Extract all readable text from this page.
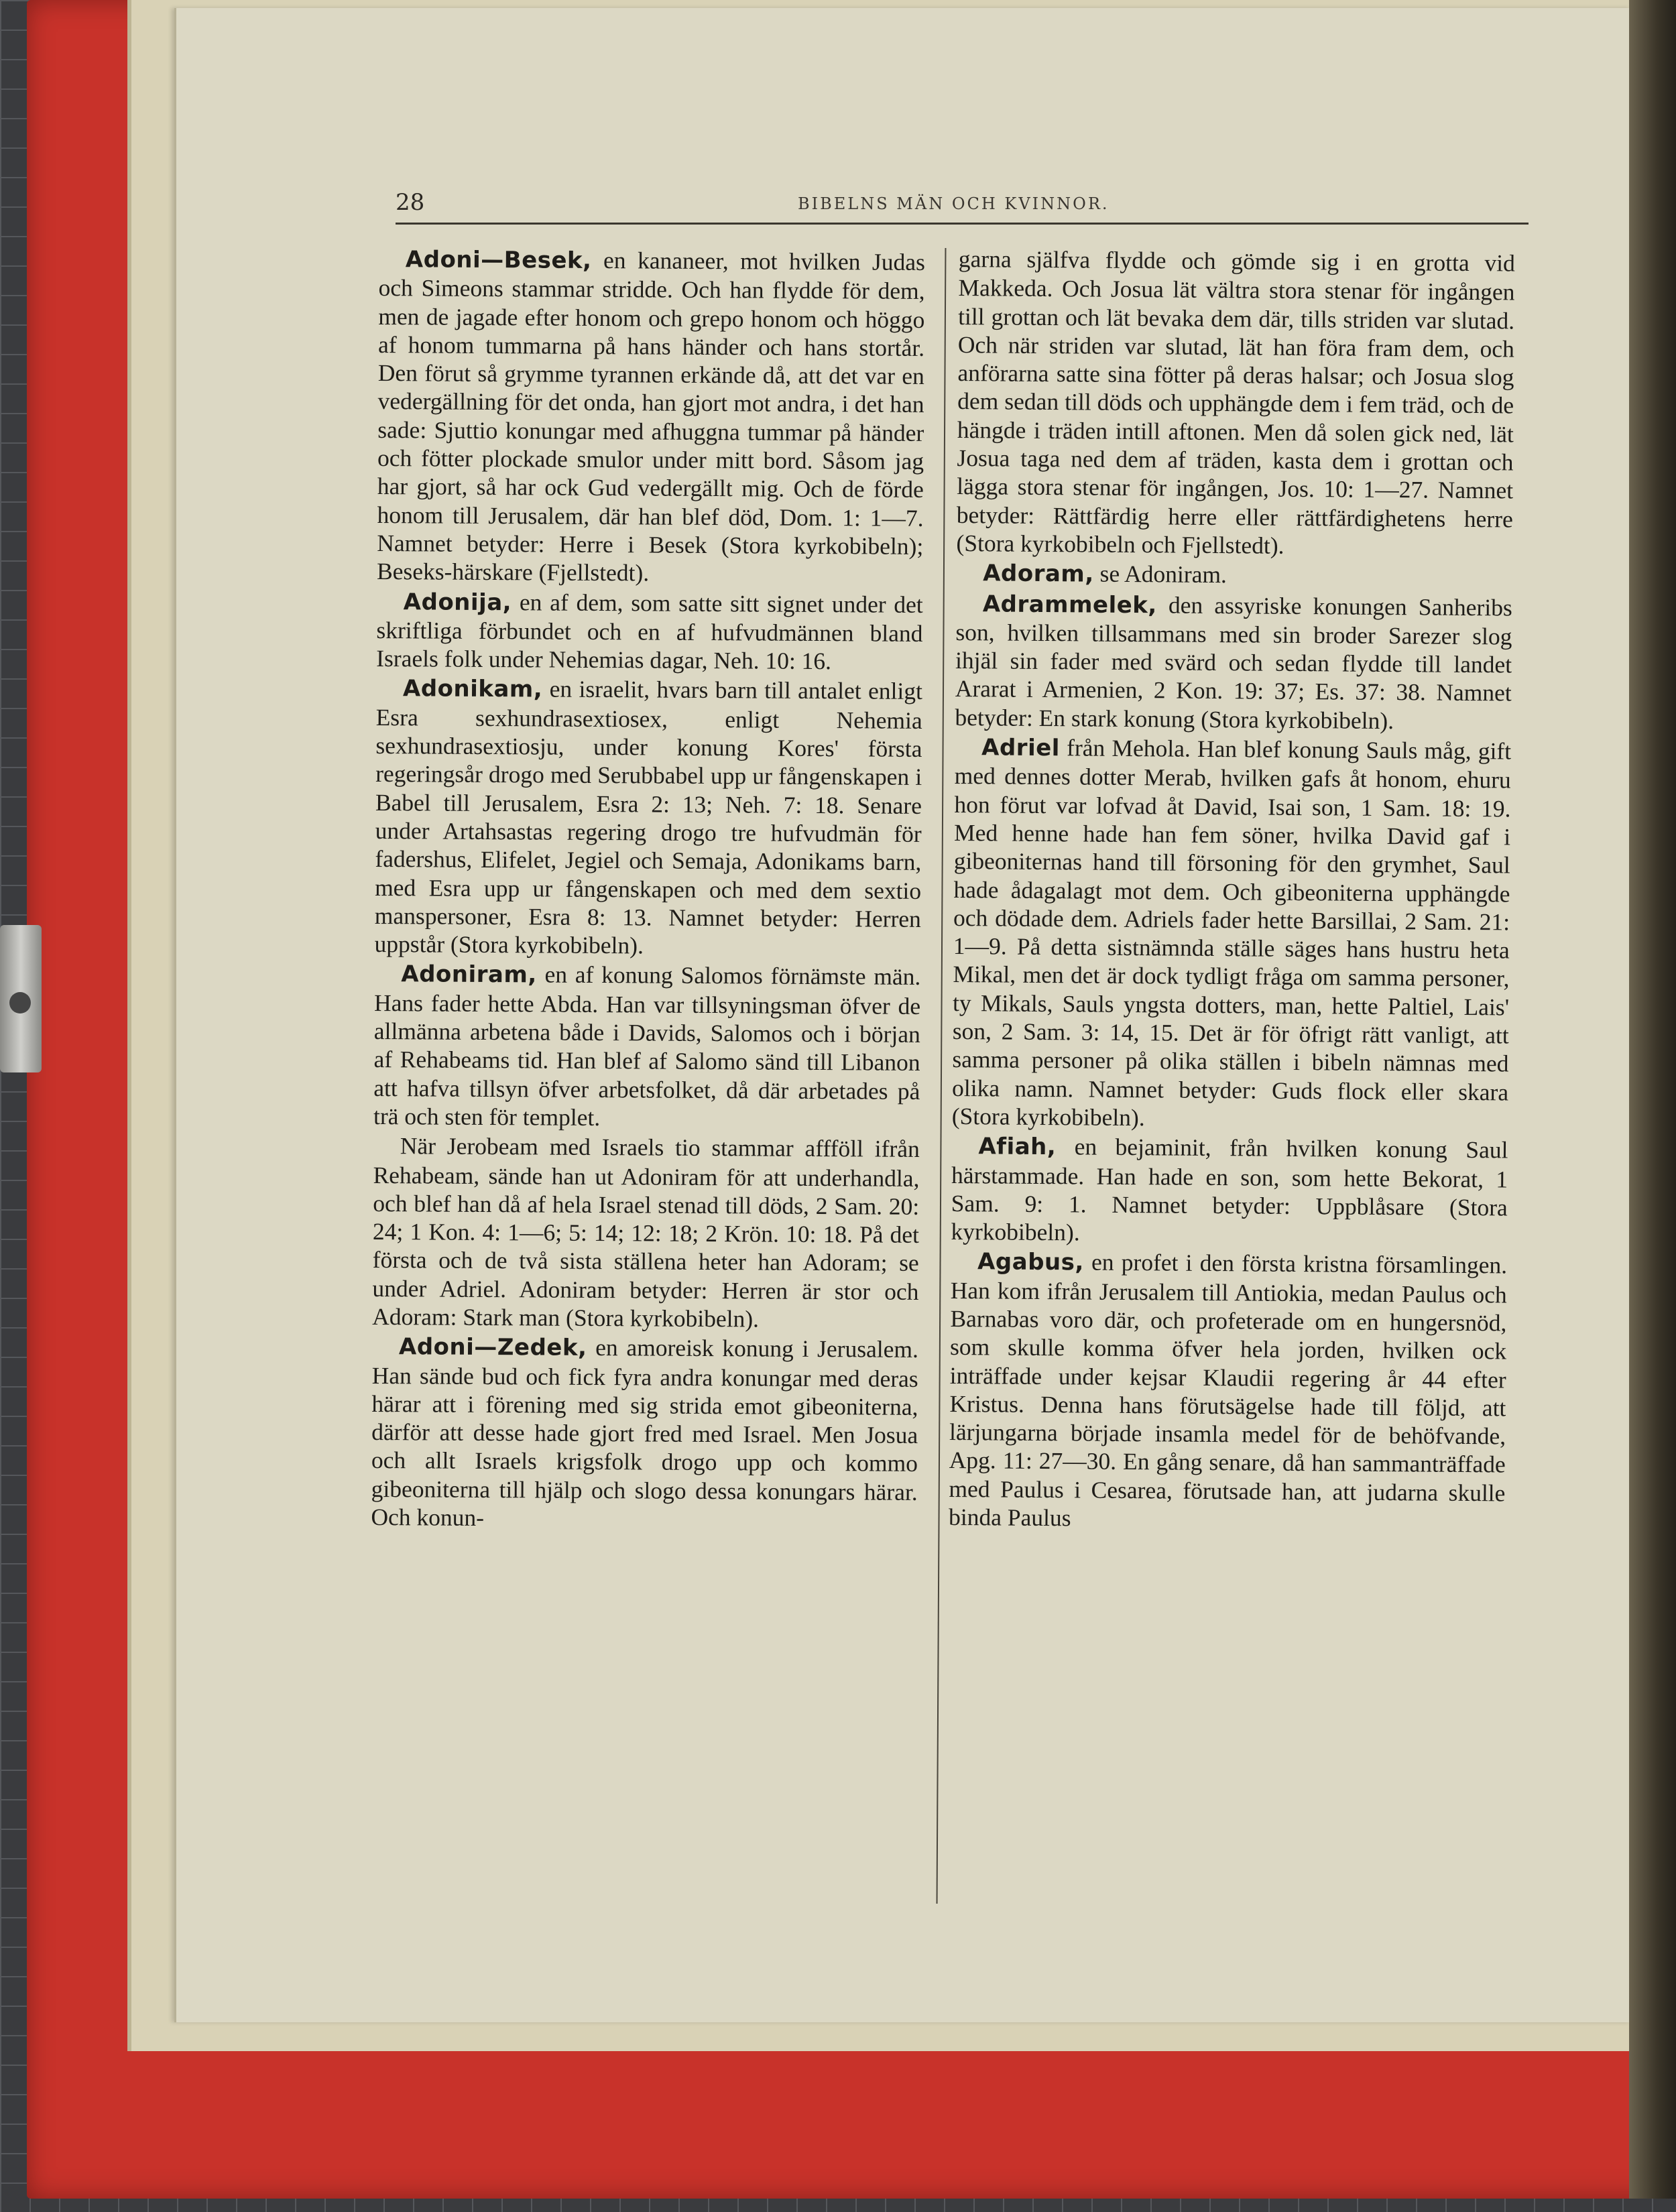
28	BIBELNS MÄN OCH KVINNOR.

Adoni—Besek, en kananeer, mot hvilken Judas och Simeons stammar stridde. Och han flydde för dem, men de jagade efter honom och grepo honom och höggo af honom tummarna på hans händer och hans stortår. Den förut så grymme tyrannen erkände då, att det var en vedergällning för det onda, han gjort mot andra, i det han sade: Sjuttio konungar med afhuggna tummar på händer och fötter plockade smulor under mitt bord. Såsom jag har gjort, så har ock Gud vedergällt mig. Och de förde honom till Jerusalem, där han blef död, Dom. 1: 1—7. Namnet betyder: Herre i Besek (Stora kyrkobibeln); Beseks-härskare (Fjellstedt).

Adonija, en af dem, som satte sitt signet under det skriftliga förbundet och en af hufvudmännen bland Israels folk under Nehemias dagar, Neh. 10: 16.

Adonikam, en israelit, hvars barn till antalet enligt Esra sexhundrasextiosex, enligt Nehemia sexhundrasextiosju, under konung Kores' första regeringsår drogo med Serubbabel upp ur fångenskapen i Babel till Jerusalem, Esra 2: 13; Neh. 7: 18. Senare under Artahsastas regering drogo tre hufvudmän för fadershus, Elifelet, Jegiel och Semaja, Adonikams barn, med Esra upp ur fångenskapen och med dem sextio manspersoner, Esra 8: 13. Namnet betyder: Herren uppstår (Stora kyrkobibeln).

Adoniram, en af konung Salomos förnämste män. Hans fader hette Abda. Han var tillsyningsman öfver de allmänna arbetena både i Davids, Salomos och i början af Rehabeams tid. Han blef af Salomo sänd till Libanon att hafva tillsyn öfver arbetsfolket, då där arbetades på trä och sten för templet.

När Jerobeam med Israels tio stammar affföll ifrån Rehabeam, sände han ut Adoniram för att underhandla, och blef han då af hela Israel stenad till döds, 2 Sam. 20: 24; 1 Kon. 4: 1—6; 5: 14; 12: 18; 2 Krön. 10: 18. På det första och de två sista ställena heter han Adoram; se under Adriel. Adoniram betyder: Herren är stor och Adoram: Stark man (Stora kyrkobibeln).

Adoni—Zedek, en amoreisk konung i Jerusalem. Han sände bud och fick fyra andra konungar med deras härar att i förening med sig strida emot gibeoniterna, därför att desse hade gjort fred med Israel. Men Josua och allt Israels krigsfolk drogo upp och kommo gibeoniterna till hjälp och slogo dessa konungars härar. Och konun-

garna själfva flydde och gömde sig i en grotta vid Makkeda. Och Josua lät vältra stora stenar för ingången till grottan och lät bevaka dem där, tills striden var slutad. Och när striden var slutad, lät han föra fram dem, och anförarna satte sina fötter på deras halsar; och Josua slog dem sedan till döds och upphängde dem i fem träd, och de hängde i träden intill aftonen. Men då solen gick ned, lät Josua taga ned dem af träden, kasta dem i grottan och lägga stora stenar för ingången, Jos. 10: 1—27. Namnet betyder: Rättfärdig herre eller rättfärdighetens herre (Stora kyrkobibeln och Fjellstedt).

Adoram, se Adoniram.

Adrammelek, den assyriske konungen Sanheribs son, hvilken tillsammans med sin broder Sarezer slog ihjäl sin fader med svärd och sedan flydde till landet Ararat i Armenien, 2 Kon. 19: 37; Es. 37: 38. Namnet betyder: En stark konung (Stora kyrkobibeln).

Adriel från Mehola. Han blef konung Sauls måg, gift med dennes dotter Merab, hvilken gafs åt honom, ehuru hon förut var lofvad åt David, Isai son, 1 Sam. 18: 19. Med henne hade han fem söner, hvilka David gaf i gibeoniternas hand till försoning för den grymhet, Saul hade ådagalagt mot dem. Och gibeoniterna upphängde och dödade dem. Adriels fader hette Barsillai, 2 Sam. 21: 1—9. På detta sistnämnda ställe säges hans hustru heta Mikal, men det är dock tydligt fråga om samma personer, ty Mikals, Sauls yngsta dotters, man, hette Paltiel, Lais' son, 2 Sam. 3: 14, 15. Det är för öfrigt rätt vanligt, att samma personer på olika ställen i bibeln nämnas med olika namn. Namnet betyder: Guds flock eller skara (Stora kyrkobibeln).

Afiah, en bejaminit, från hvilken konung Saul härstammade. Han hade en son, som hette Bekorat, 1 Sam. 9: 1. Namnet betyder: Uppblåsare (Stora kyrkobibeln).

Agabus, en profet i den första kristna församlingen. Han kom ifrån Jerusalem till Antiokia, medan Paulus och Barnabas voro där, och profeterade om en hungersnöd, som skulle komma öfver hela jorden, hvilken ock inträffade under kejsar Klaudii regering år 44 efter Kristus. Denna hans förutsägelse hade till följd, att lärjungarna började insamla medel för de behöfvande, Apg. 11: 27—30. En gång senare, då han sammanträffade med Paulus i Cesarea, förutsade han, att judarna skulle binda Paulus
